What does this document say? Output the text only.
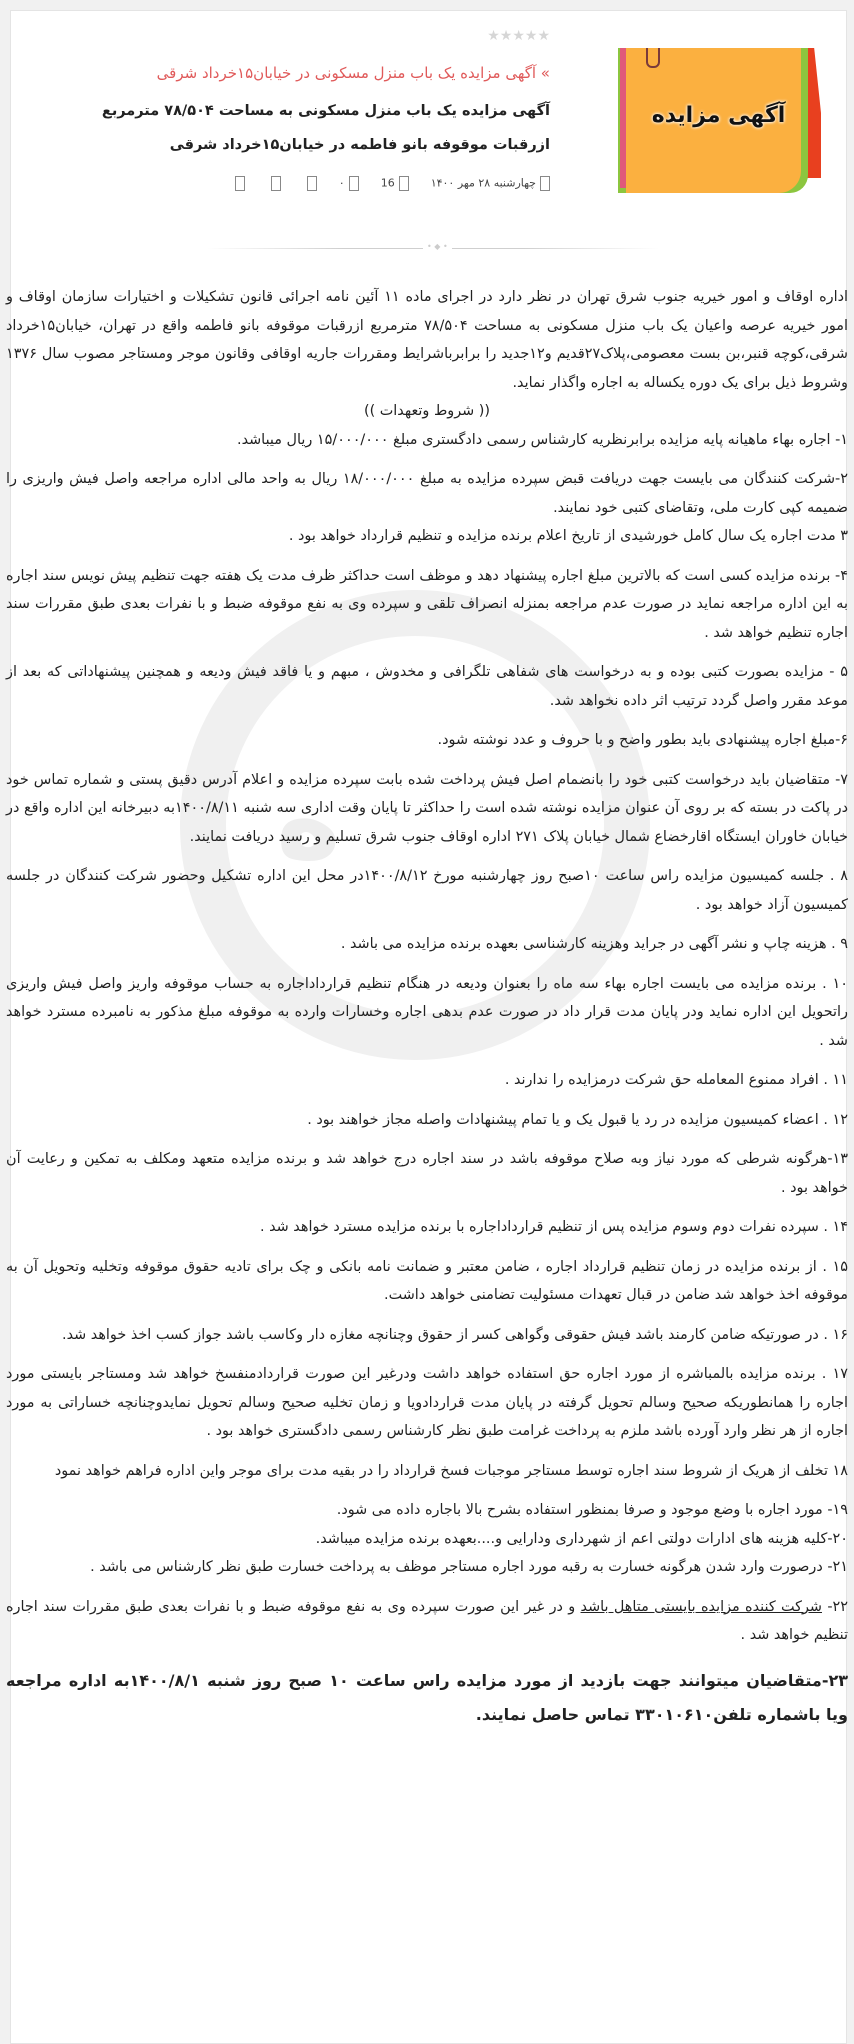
آگهی مزایده
★★★★★
» آگهی مزایده یک باب منزل مسکونی در خیابان۱۵خرداد شرقی
آگهی مزایده یک باب منزل مسکونی به مساحت ۷۸/۵۰۴ مترمربع ازرقبات موقوفه بانو فاطمه در خیابان۱۵خرداد شرقی
چهارشنبه ۲۸ مهر ۱۴۰۰
16
۰
• ◆ •
ه

اداره اوقاف و امور خیریه جنوب شرق تهران در نظر دارد در اجرای ماده ۱۱ آئین نامه اجرائی قانون تشکیلات و اختیارات سازمان اوقاف و امور خیریه عرصه واعیان یک باب منزل مسکونی به مساحت ۷۸/۵۰۴ مترمربع ازرقبات موقوفه بانو فاطمه واقع در تهران، خیابان۱۵خرداد شرقی،کوچه قنبر،بن بست معصومی،پلاک۲۷قدیم و۱۲جدید را برابرباشرایط ومقررات جاریه اوقافی وقانون موجر ومستاجر مصوب سال ۱۳۷۶ وشروط ذیل برای یک دوره یکساله به اجاره واگذار نماید.

(( شروط وتعهدات ))

۱- اجاره بهاء ماهیانه پایه مزایده برابرنظریه کارشناس رسمی دادگستری مبلغ ۱۵/۰۰۰/۰۰۰ ریال میباشد.

۲-شرکت کنندگان می بایست جهت دریافت قبض سپرده مزایده به مبلغ ۱۸/۰۰۰/۰۰۰ ریال به واحد مالی اداره مراجعه واصل فیش واریزی را ضمیمه کپی کارت ملی، وتقاضای کتبی خود نمایند.

۳ مدت اجاره یک سال کامل خورشیدی از تاریخ اعلام برنده مزایده و تنظیم قرارداد خواهد بود .

۴- برنده مزایده کسی است که بالاترین مبلغ اجاره پیشنهاد دهد و موظف است حداکثر ظرف مدت یک هفته جهت تنظیم پیش نویس سند اجاره به این اداره مراجعه نماید در صورت عدم مراجعه بمنزله انصراف تلقی و سپرده وی به نفع موقوفه ضبط و با نفرات بعدی طبق مقررات سند اجاره تنظیم خواهد شد .

۵ - مزایده بصورت کتبی بوده و به درخواست های شفاهی تلگرافی و مخدوش ، مبهم و یا فاقد فیش ودیعه و همچنین پیشنهاداتی که بعد از موعد مقرر واصل گردد ترتیب اثر داده نخواهد شد.

۶-مبلغ اجاره پیشنهادی باید بطور واضح و با حروف و عدد نوشته شود.

۷- متقاضیان باید درخواست کتبی خود را بانضمام اصل فیش پرداخت شده بابت سپرده مزایده و اعلام آدرس دقیق پستی و شماره تماس خود در پاکت در بسته که بر روی آن عنوان مزایده نوشته شده است را حداکثر تا پایان وقت اداری سه شنبه ۱۴۰۰/۸/۱۱به دبیرخانه این اداره واقع در خیابان خاوران ایستگاه اقارخضاع شمال خیابان پلاک ۲۷۱ اداره اوقاف جنوب شرق تسلیم و رسید دریافت نمایند.

۸ . جلسه کمیسیون مزایده راس ساعت ۱۰صبح روز چهارشنبه مورخ ۱۴۰۰/۸/۱۲در محل این اداره تشکیل وحضور شرکت کنندگان در جلسه کمیسیون آزاد خواهد بود .

۹ . هزینه چاپ و نشر آگهی در جراید وهزینه کارشناسی بعهده برنده مزایده می باشد .

۱۰ . برنده مزایده می بایست اجاره بهاء سه ماه را بعنوان ودیعه در هنگام تنظیم قرارداداجاره به حساب موقوفه واریز واصل فیش واریزی راتحویل این اداره نماید ودر پایان مدت قرار داد در صورت عدم بدهی اجاره وخسارات وارده به موقوفه مبلغ مذکور به نامبرده مسترد خواهد شد .

۱۱ . افراد ممنوع المعامله حق شرکت درمزایده را ندارند .

۱۲ . اعضاء کمیسیون مزایده در رد یا قبول یک و یا تمام پیشنهادات واصله مجاز خواهند بود .

۱۳-هرگونه شرطی که مورد نیاز وبه صلاح موقوفه باشد در سند اجاره درج خواهد شد و برنده مزایده متعهد ومکلف به تمکین و رعایت آن خواهد بود .

۱۴ . سپرده نفرات دوم وسوم مزایده پس از تنظیم قرارداداجاره با برنده مزایده مسترد خواهد شد .

۱۵ . از برنده مزایده در زمان تنظیم قرارداد اجاره ، ضامن معتبر و ضمانت نامه بانکی و چک برای تادیه حقوق موقوفه وتخلیه وتحویل آن به موقوفه اخذ خواهد شد ضامن در قبال تعهدات مسئولیت تضامنی خواهد داشت.

۱۶ . در صورتیکه ضامن کارمند باشد فیش حقوقی وگواهی کسر از حقوق وچنانچه مغازه دار وکاسب باشد جواز کسب اخذ خواهد شد.

۱۷ . برنده مزایده بالمباشره از مورد اجاره حق استفاده خواهد داشت ودرغیر این صورت قراردادمنفسخ خواهد شد ومستاجر بایستی مورد اجاره را همانطوریکه صحیح وسالم تحویل گرفته در پایان مدت قراردادویا و زمان تخلیه صحیح وسالم تحویل نمایدوچنانچه خساراتی به مورد اجاره از هر نظر وارد آورده باشد ملزم به پرداخت غرامت طبق نظر کارشناس رسمی دادگستری خواهد بود .

۱۸ تخلف از هریک از شروط سند اجاره توسط مستاجر موجبات فسخ قرارداد را در بقیه مدت برای موجر واین اداره فراهم خواهد نمود

۱۹- مورد اجاره با وضع موجود و صرفا بمنظور استفاده بشرح بالا باجاره داده می شود.

۲۰-کلیه هزینه های ادارات دولتی اعم از شهرداری ودارایی و....بعهده برنده مزایده میباشد.

۲۱- درصورت وارد شدن هرگونه خسارت به رقبه مورد اجاره مستاجر موظف به پرداخت خسارت طبق نظر کارشناس می باشد .

۲۲- شرکت کننده مزایده بایستی متاهل باشد و در غیر این صورت سپرده وی به نفع موقوفه ضبط و با نفرات بعدی طبق مقررات سند اجاره تنظیم خواهد شد .

۲۳-متقاضیان میتوانند جهت بازدید از مورد مزایده راس ساعت ۱۰ صبح روز شنبه ۱۴۰۰/۸/۱به اداره مراجعه ویا باشماره تلفن۳۳۰۱۰۶۱۰ تماس حاصل نمایند.
